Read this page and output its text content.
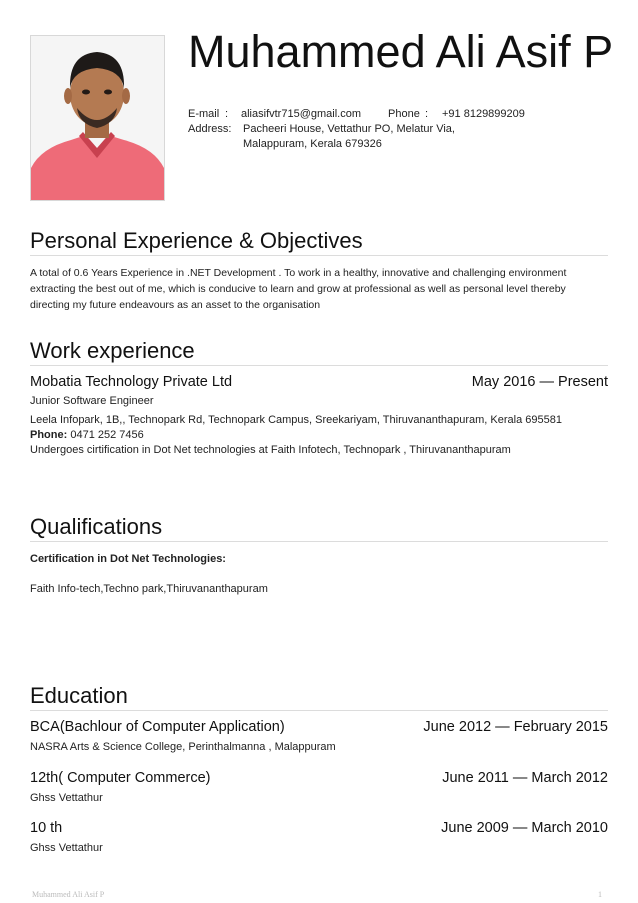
Muhammed Ali Asif P
E-mail : aliasifvtr715@gmail.com Phone : +91 8129899209
Address: Pacheeri House, Vettathur PO, Melatur Via,
Malappuram, Kerala 679326
Personal Experience & Objectives

A total of 0.6 Years Experience in .NET Development . To work in a healthy, innovative and challenging environment extracting the best out of me, which is conducive to learn and grow at professional as well as personal level thereby directing my future endeavours as an asset to the organisation

Work experience
Mobatia Technology Private Ltd	May 2016 — Present
Junior Software Engineer
Leela Infopark, 1B,, Technopark Rd, Technopark Campus, Sreekariyam, Thiruvananthapuram, Kerala 695581
Phone: 0471 252 7456
Undergoes cirtification in Dot Net technologies at Faith Infotech, Technopark , Thiruvananthapuram
Qualifications
Certification in Dot Net Technologies:
Faith Info-tech,Techno park,Thiruvananthapuram
Education
BCA(Bachlour of Computer Application)	June 2012 — February 2015
NASRA Arts & Science College, Perinthalmanna , Malappuram
12th( Computer Commerce)	June 2011 — March 2012
Ghss Vettathur
10 th	June 2009 — March 2010
Ghss Vettathur
Muhammed Ali Asif P	1
